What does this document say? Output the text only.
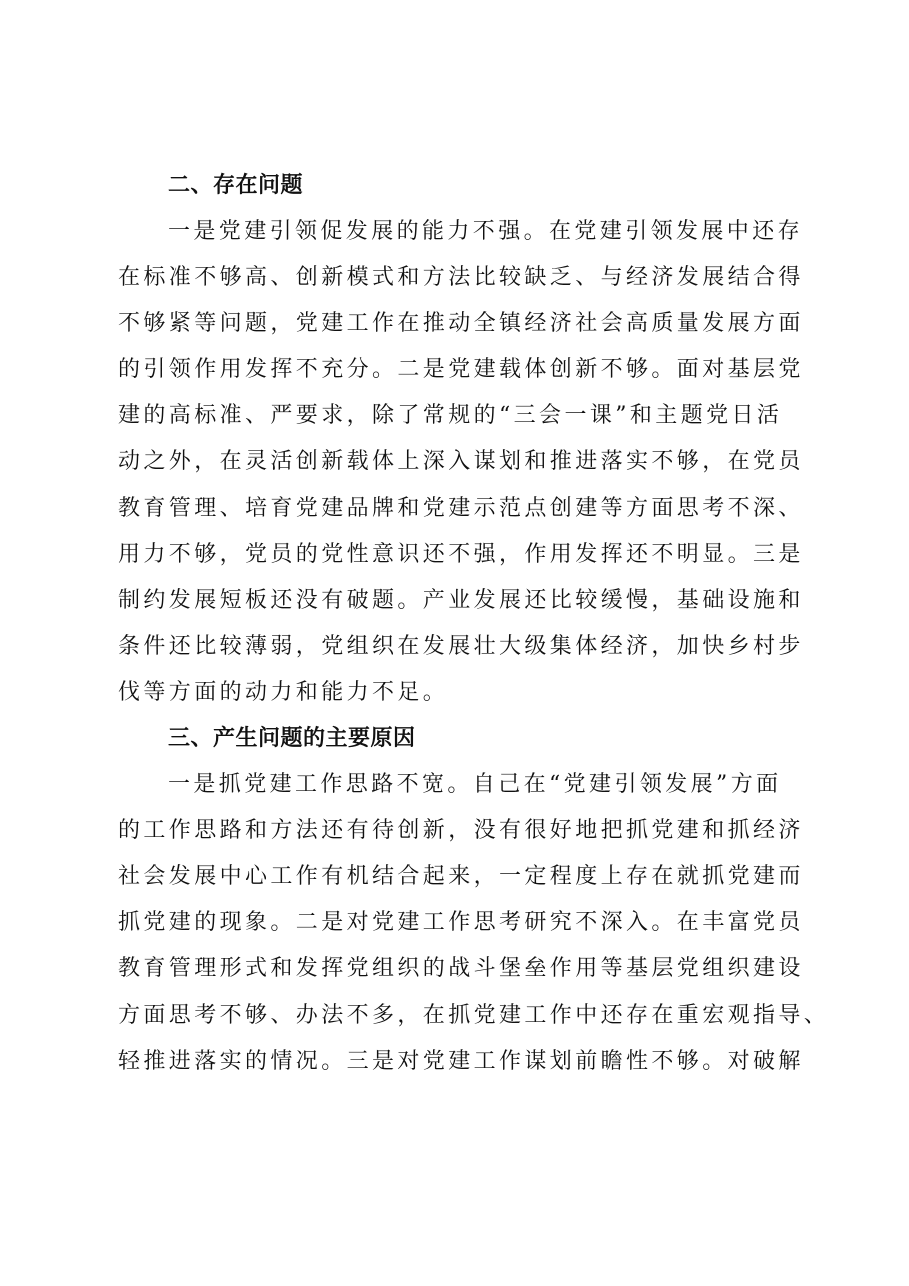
二、存在问题

一是党建引领促发展的能力不强。在党建引领发展中还存
在标准不够高、创新模式和方法比较缺乏、与经济发展结合得
不够紧等问题，党建工作在推动全镇经济社会高质量发展方面
的引领作用发挥不充分。二是党建载体创新不够。面对基层党
建的高标准、严要求，除了常规的“三会一课”和主题党日活
动之外，在灵活创新载体上深入谋划和推进落实不够，在党员
教育管理、培育党建品牌和党建示范点创建等方面思考不深、
用力不够，党员的党性意识还不强，作用发挥还不明显。三是
制约发展短板还没有破题。产业发展还比较缓慢，基础设施和
条件还比较薄弱，党组织在发展壮大级集体经济，加快乡村步
伐等方面的动力和能力不足。

三、产生问题的主要原因

一是抓党建工作思路不宽。自己在“党建引领发展”方面
的工作思路和方法还有待创新，没有很好地把抓党建和抓经济
社会发展中心工作有机结合起来，一定程度上存在就抓党建而
抓党建的现象。二是对党建工作思考研究不深入。在丰富党员
教育管理形式和发挥党组织的战斗堡垒作用等基层党组织建设
方面思考不够、办法不多，在抓党建工作中还存在重宏观指导、
轻推进落实的情况。三是对党建工作谋划前瞻性不够。对破解
